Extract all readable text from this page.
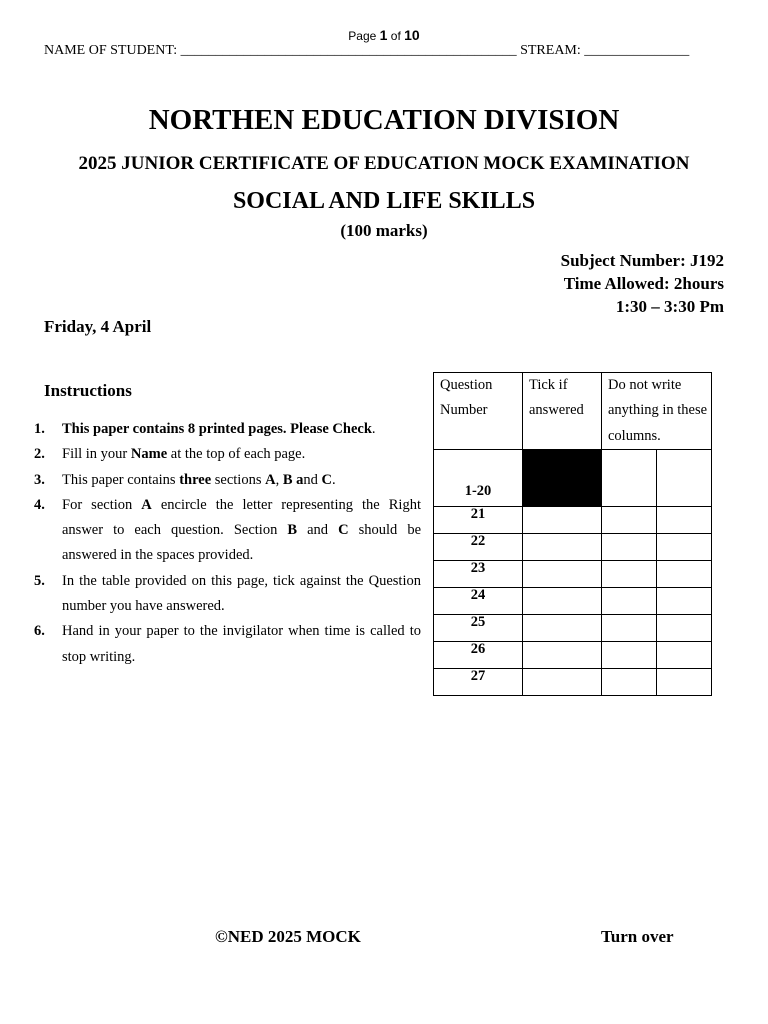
Page 1 of 10
NAME OF STUDENT: ________________________________________________ STREAM: _______________
NORTHEN EDUCATION DIVISION
2025 JUNIOR CERTIFICATE OF EDUCATION MOCK EXAMINATION
SOCIAL AND LIFE SKILLS
(100 marks)
Subject Number: J192
Time Allowed: 2hours
1:30 – 3:30 Pm
Friday, 4 April
Instructions
1. This paper contains 8 printed pages. Please Check.
2. Fill in your Name at the top of each page.
3. This paper contains three sections A, B and C.
4. For section A encircle the letter representing the Right answer to each question. Section B and C should be answered in the spaces provided.
5. In the table provided on this page, tick against the Question number you have answered.
6. Hand in your paper to the invigilator when time is called to stop writing.
Question Number	Tick if answered	Do not write anything in these columns.	
1-20			
21			
22			
23			
24			
25			
26			
27			
©NED 2025 MOCK	Turn over
